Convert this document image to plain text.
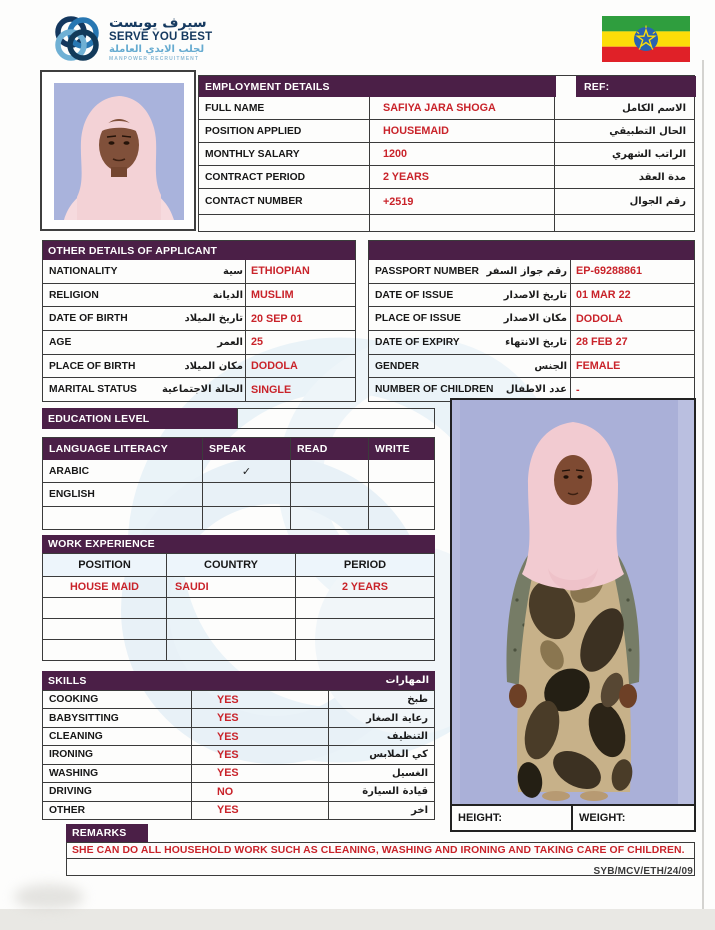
سيرف يوبست
SERVE YOU BEST
لجلب الايدي العاملة
MANPOWER RECRUITMENT
EMPLOYMENT DETAILS	REF:
FULL NAME	SAFIYA JARA SHOGA	الاسم الكامل
POSITION APPLIED	HOUSEMAID	الحال التطبيقي
MONTHLY SALARY	1200	الراتب الشهري
CONTRACT PERIOD	2 YEARS	مدة العقد
CONTACT NUMBER	+2519	رقم الجوال
OTHER DETAILS OF APPLICANT
NATIONALITY	سية ETHIOPIAN
RELIGION	الديانة MUSLIM
DATE OF BIRTH	تاريخ الميلاد 20 SEP 01
AGE	العمر 25
PLACE OF BIRTH	مكان الميلاد DODOLA
MARITAL STATUS	الحالة الاجتماعية SINGLE
PASSPORT NUMBER رقم جواز السفر EP-69288861
DATE OF ISSUE	تاريخ الاصدار 01 MAR 22
PLACE OF ISSUE	مكان الاصدار DODOLA
DATE OF EXPIRY	تاريخ الانتهاء 28 FEB 27
GENDER	الجنس FEMALE
NUMBER OF CHILDREN عدد الاطفال -
EDUCATION LEVEL
LANGUAGE LITERACY	SPEAK	READ	WRITE
ARABIC	✓
ENGLISH
WORK EXPERIENCE
POSITION	COUNTRY	PERIOD
HOUSE MAID	SAUDI	2 YEARS
SKILLS	المهارات
COOKING	YES	طبخ
BABYSITTING	YES	رعاية الصغار
CLEANING	YES	التنظيف
IRONING	YES	كي الملابس
WASHING	YES	الغسيل
DRIVING	NO	قيادة السيارة
OTHER	YES	اخر
HEIGHT:	WEIGHT:
REMARKS
SHE CAN DO ALL HOUSEHOLD WORK SUCH AS CLEANING, WASHING AND IRONING AND TAKING CARE OF CHILDREN.
SYB/MCV/ETH/24/09
